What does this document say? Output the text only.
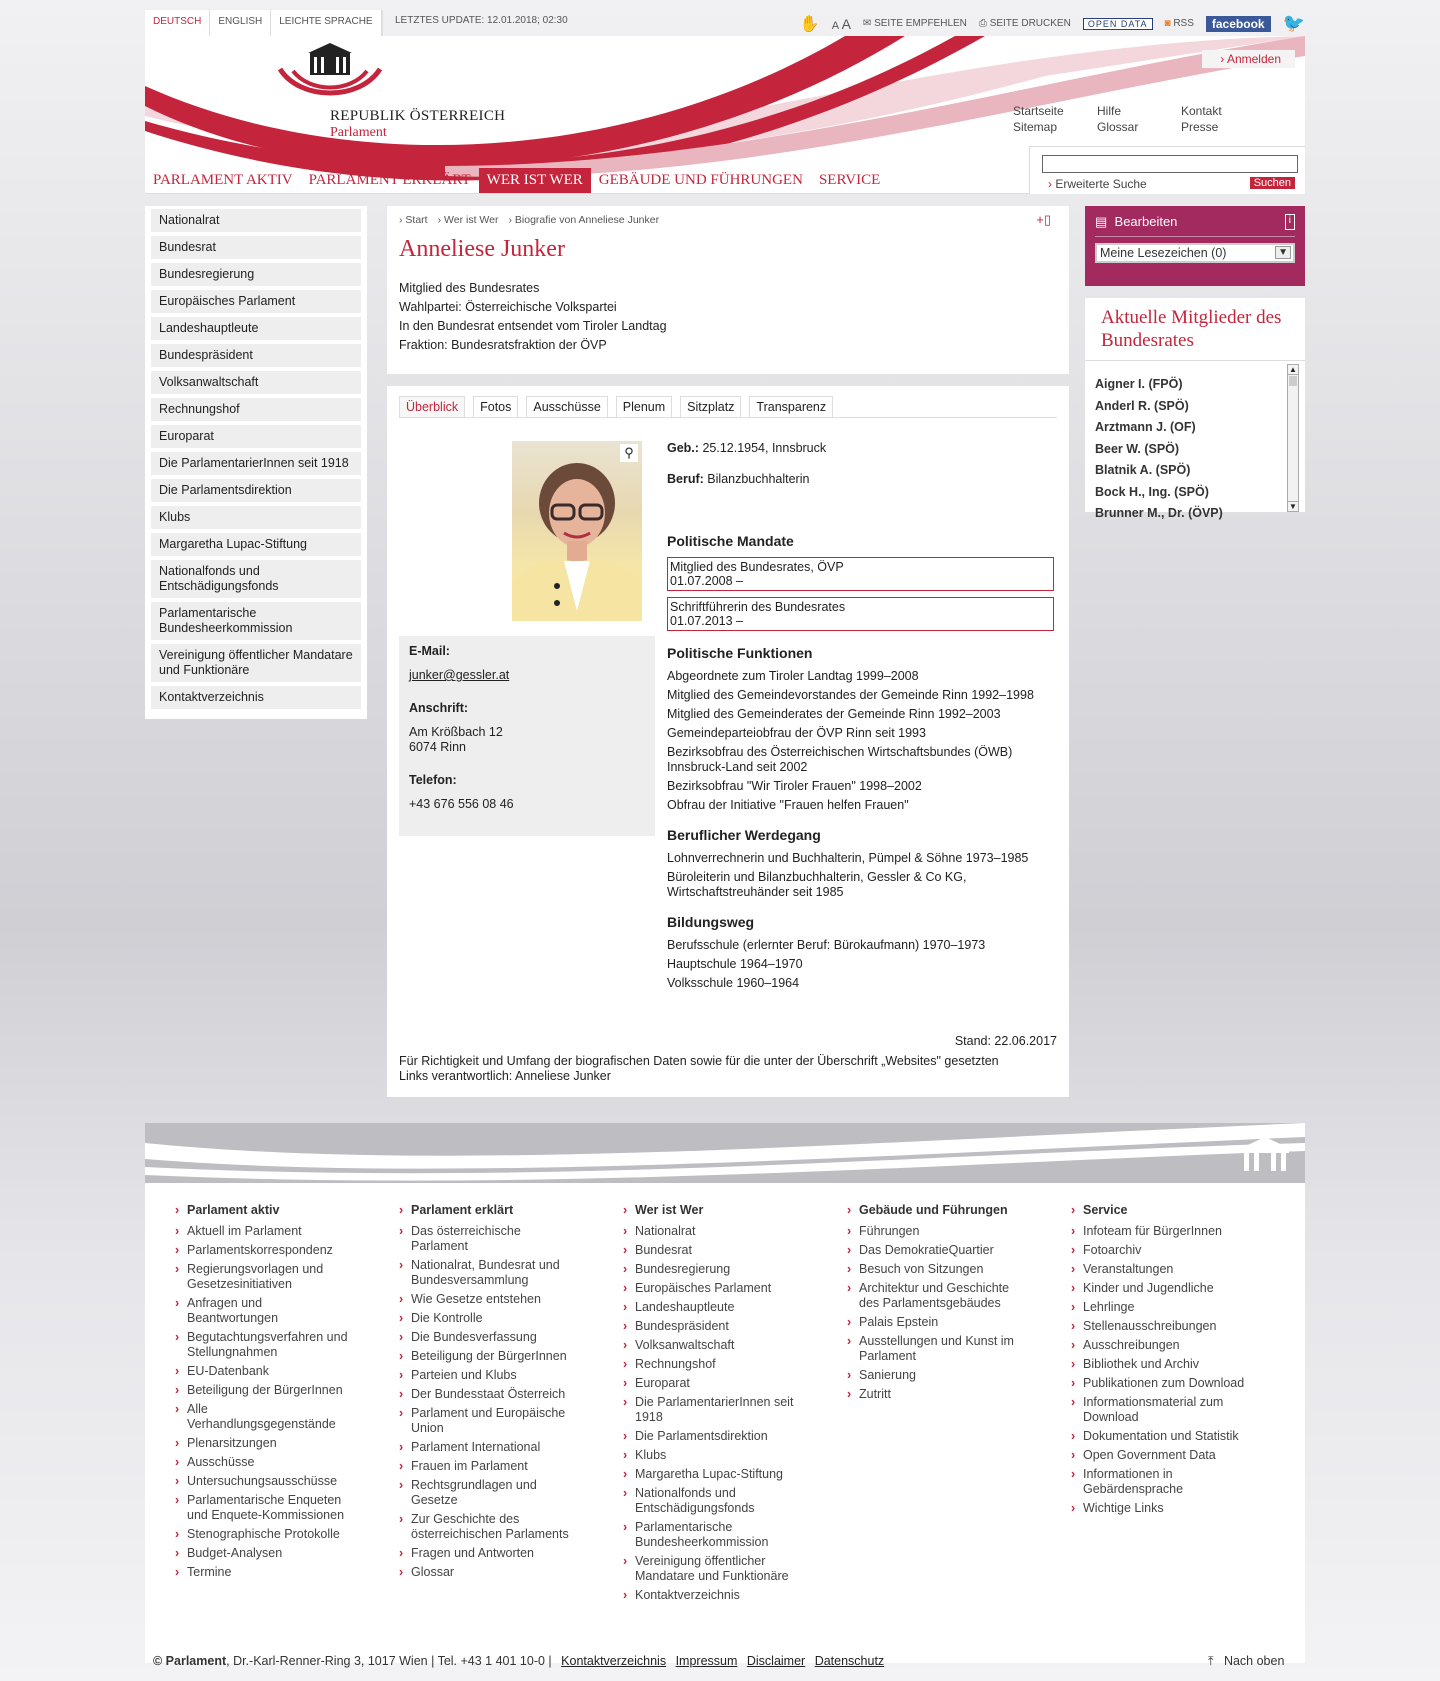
DEUTSCH	ENGLISH	LEICHTE SPRACHE	LETZTES UPDATE: 12.01.2018; 02:30	✋ A A ✉ SEITE EMPFEHLEN ⎙ SEITE DRUCKEN	OPEN DATA	◙ RSS	facebook	🐦
REPUBLIK ÖSTERREICH
Parlament
› Anmelden
Startseite	Hilfe	Kontakt
Sitemap	Glossar	Presse
› Erweiterte Suche	Suchen
PARLAMENT AKTIV	PARLAMENT ERKLÄRT	WER IST WER	GEBÄUDE UND FÜHRUNGEN	SERVICE
Nationalrat
Bundesrat
Bundesregierung
Europäisches Parlament
Landeshauptleute
Bundespräsident
Volksanwaltschaft
Rechnungshof
Europarat
Die ParlamentarierInnen seit 1918
Die Parlamentsdirektion
Klubs
Margaretha Lupac-Stiftung
Nationalfonds und Entschädigungsfonds
Parlamentarische Bundesheerkommission
Vereinigung öffentlicher Mandatare und Funktionäre
Kontaktverzeichnis
› Start	› Wer ist Wer	› Biografie von Anneliese Junker	+▯
Anneliese Junker
Mitglied des Bundesrates
Wahlpartei: Österreichische Volkspartei
In den Bundesrat entsendet vom Tiroler Landtag
Fraktion: Bundesratsfraktion der ÖVP
Überblick	Fotos	Ausschüsse	Plenum	Sitzplatz	Transparenz
⚲
E-Mail:
junker@gessler.at
Anschrift:
Am Krößbach 12
6074 Rinn
Telefon:
+43 676 556 08 46
Geb.: 25.12.1954, Innsbruck
Beruf: Bilanzbuchhalterin
Politische Mandate
Mitglied des Bundesrates, ÖVP
01.07.2008 –
Schriftführerin des Bundesrates
01.07.2013 –
Politische Funktionen
Abgeordnete zum Tiroler Landtag 1999–2008
Mitglied des Gemeindevorstandes der Gemeinde Rinn 1992–1998
Mitglied des Gemeinderates der Gemeinde Rinn 1992–2003
Gemeindeparteiobfrau der ÖVP Rinn seit 1993
Bezirksobfrau des Österreichischen Wirtschaftsbundes (ÖWB) Innsbruck-Land seit 2002
Bezirksobfrau "Wir Tiroler Frauen" 1998–2002
Obfrau der Initiative "Frauen helfen Frauen"
Beruflicher Werdegang
Lohnverrechnerin und Buchhalterin, Pümpel & Söhne 1973–1985
Büroleiterin und Bilanzbuchhalterin, Gessler & Co KG, Wirtschaftstreuhänder seit 1985
Bildungsweg
Berufsschule (erlernter Beruf: Bürokaufmann) 1970–1973
Hauptschule 1964–1970
Volksschule 1960–1964
Stand: 22.06.2017
Für Richtigkeit und Umfang der biografischen Daten sowie für die unter der Überschrift „Websites" gesetzten Links verantwortlich: Anneliese Junker
▤ Bearbeiten	i
Meine Lesezeichen (0)	▼
Aktuelle Mitglieder des Bundesrates
Aigner I. (FPÖ)
Anderl R. (SPÖ)
Arztmann J. (OF)
Beer W. (SPÖ)
Blatnik A. (SPÖ)
Bock H., Ing. (SPÖ)
Brunner M., Dr. (ÖVP)
▲
▼
› Parlament aktiv
› Aktuell im Parlament
› Parlamentskorrespondenz
› Regierungsvorlagen und Gesetzesinitiativen
› Anfragen und Beantwortungen
› Begutachtungsverfahren und Stellungnahmen
› EU-Datenbank
› Beteiligung der BürgerInnen
› Alle Verhandlungsgegenstände
› Plenarsitzungen
› Ausschüsse
› Untersuchungsausschüsse
› Parlamentarische Enqueten und Enquete-Kommissionen
› Stenographische Protokolle
› Budget-Analysen
› Termine
› Parlament erklärt
› Das österreichische Parlament
› Nationalrat, Bundesrat und Bundesversammlung
› Wie Gesetze entstehen
› Die Kontrolle
› Die Bundesverfassung
› Beteiligung der BürgerInnen
› Parteien und Klubs
› Der Bundesstaat Österreich
› Parlament und Europäische Union
› Parlament International
› Frauen im Parlament
› Rechtsgrundlagen und Gesetze
› Zur Geschichte des österreichischen Parlaments
› Fragen und Antworten
› Glossar
› Wer ist Wer
› Nationalrat
› Bundesrat
› Bundesregierung
› Europäisches Parlament
› Landeshauptleute
› Bundespräsident
› Volksanwaltschaft
› Rechnungshof
› Europarat
› Die ParlamentarierInnen seit 1918
› Die Parlamentsdirektion
› Klubs
› Margaretha Lupac-Stiftung
› Nationalfonds und Entschädigungsfonds
› Parlamentarische Bundesheerkommission
› Vereinigung öffentlicher Mandatare und Funktionäre
› Kontaktverzeichnis
› Gebäude und Führungen
› Führungen
› Das DemokratieQuartier
› Besuch von Sitzungen
› Architektur und Geschichte des Parlamentsgebäudes
› Palais Epstein
› Ausstellungen und Kunst im Parlament
› Sanierung
› Zutritt
› Service
› Infoteam für BürgerInnen
› Fotoarchiv
› Veranstaltungen
› Kinder und Jugendliche
› Lehrlinge
› Stellenausschreibungen
› Ausschreibungen
› Bibliothek und Archiv
› Publikationen zum Download
› Informationsmaterial zum Download
› Dokumentation und Statistik
› Open Government Data
› Informationen in Gebärdensprache
› Wichtige Links
© Parlament, Dr.-Karl-Renner-Ring 3, 1017 Wien | Tel. +43 1 401 10-0 | Kontaktverzeichnis Impressum Disclaimer Datenschutz	⤒ Nach oben
